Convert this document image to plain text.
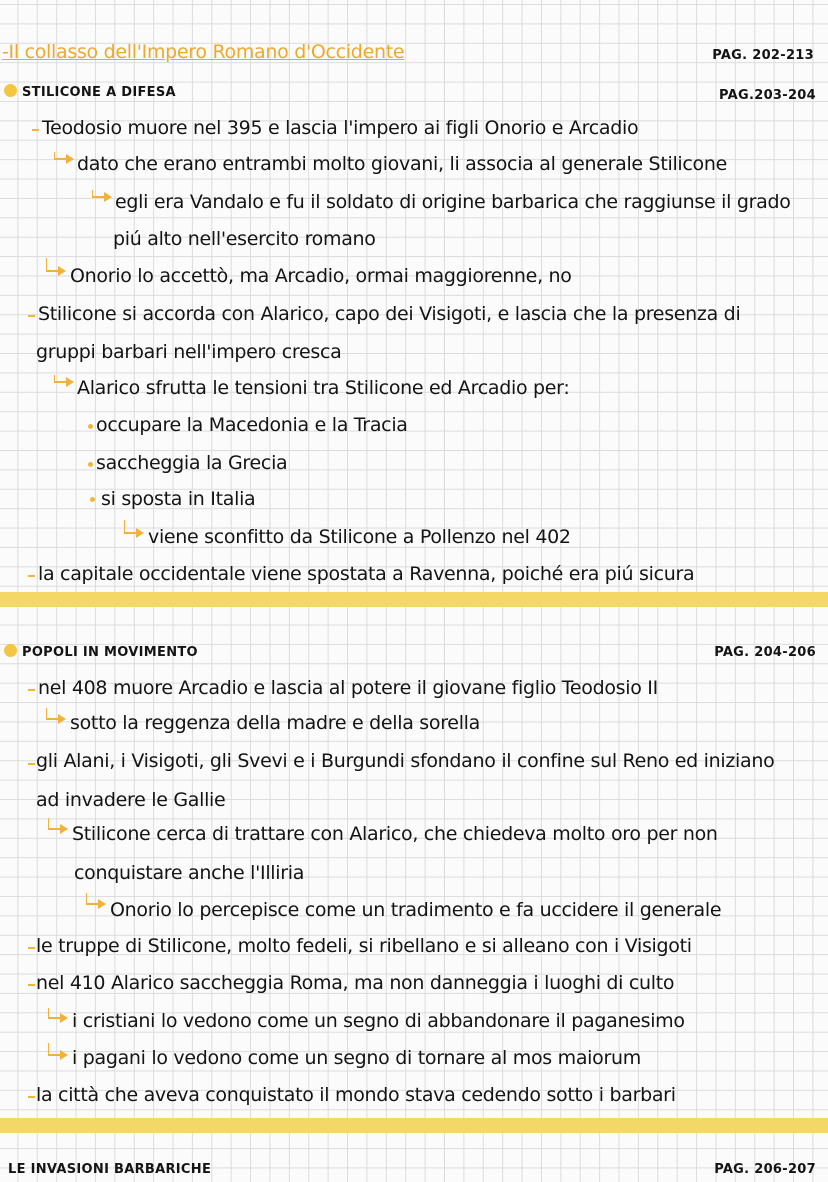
-Il collasso dell'Impero Romano d'Occidente	PAG. 202-213
STILICONE A DIFESA	PAG.203-204
Teodosio muore nel 395 e lascia l'impero ai figli Onorio e Arcadio
dato che erano entrambi molto giovani, li associa al generale Stilicone
egli era Vandalo e fu il soldato di origine barbarica che raggiunse il grado
piú alto nell'esercito romano
Onorio lo accettò, ma Arcadio, ormai maggiorenne, no
Stilicone si accorda con Alarico, capo dei Visigoti, e lascia che la presenza di
gruppi barbari nell'impero cresca
Alarico sfrutta le tensioni tra Stilicone ed Arcadio per:
occupare la Macedonia e la Tracia
saccheggia la Grecia
si sposta in Italia
viene sconfitto da Stilicone a Pollenzo nel 402
la capitale occidentale viene spostata a Ravenna, poiché era piú sicura
POPOLI IN MOVIMENTO	PAG. 204-206
nel 408 muore Arcadio e lascia al potere il giovane figlio Teodosio II
sotto la reggenza della madre e della sorella
gli Alani, i Visigoti, gli Svevi e i Burgundi sfondano il confine sul Reno ed iniziano
ad invadere le Gallie
Stilicone cerca di trattare con Alarico, che chiedeva molto oro per non
conquistare anche l'Illiria
Onorio lo percepisce come un tradimento e fa uccidere il generale
le truppe di Stilicone, molto fedeli, si ribellano e si alleano con i Visigoti
nel 410 Alarico saccheggia Roma, ma non danneggia i luoghi di culto
i cristiani lo vedono come un segno di abbandonare il paganesimo
i pagani lo vedono come un segno di tornare al mos maiorum
la città che aveva conquistato il mondo stava cedendo sotto i barbari
LE INVASIONI BARBARICHE	PAG. 206-207
